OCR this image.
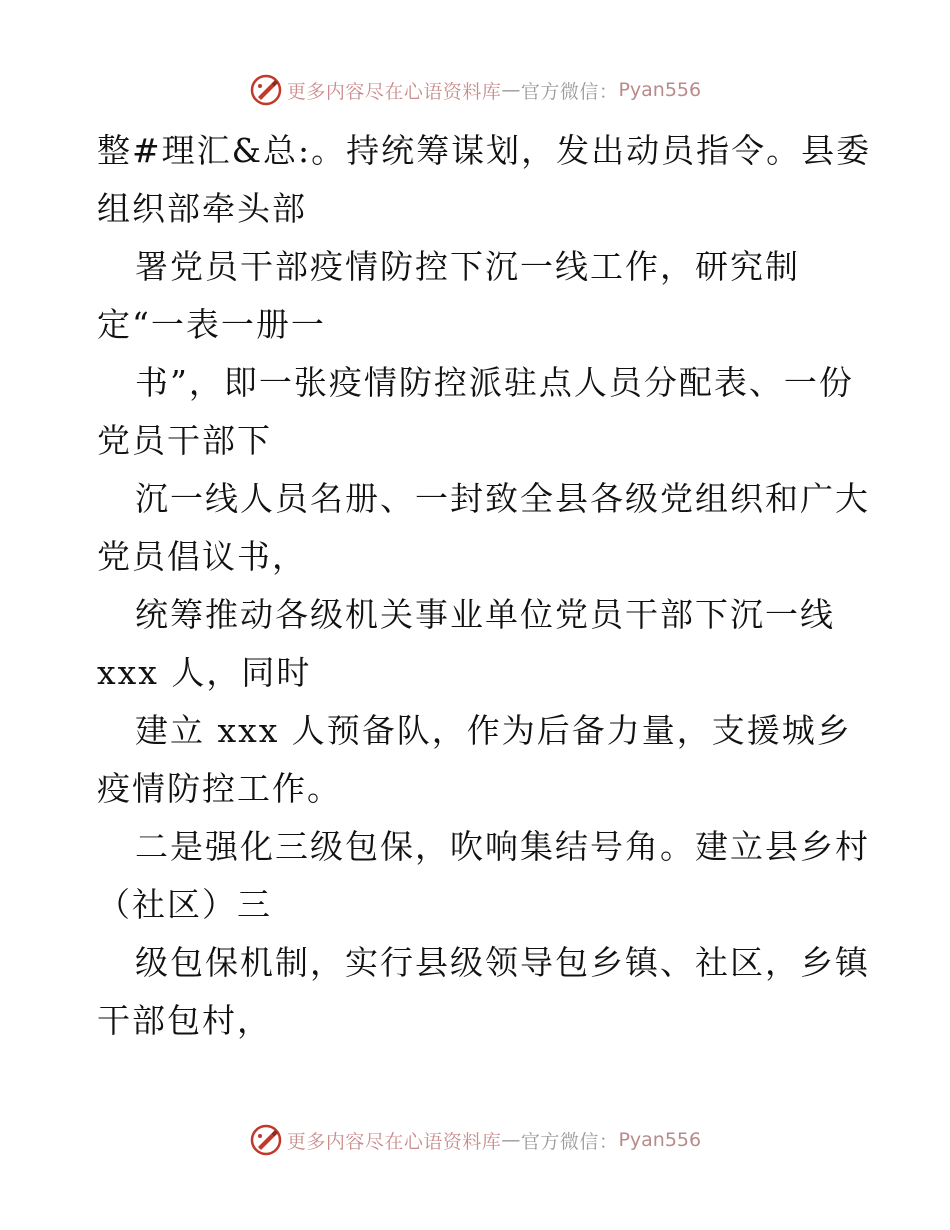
更多内容尽在心语资料库 — 官方微信： Pyan556
整#理汇&总:。持统筹谋划，发出动员指令。县委
组织部牵头部
署党员干部疫情防控下沉一线工作，研究制
定“一表一册一
书”，即一张疫情防控派驻点人员分配表、一份
党员干部下
沉一线人员名册、一封致全县各级党组织和广大
党员倡议书，
统筹推动各级机关事业单位党员干部下沉一线
xxx 人，同时
建立 xxx 人预备队，作为后备力量，支援城乡
疫情防控工作。
二是强化三级包保，吹响集结号角。建立县乡村
（社区）三
级包保机制，实行县级领导包乡镇、社区，乡镇
干部包村，
更多内容尽在心语资料库 — 官方微信： Pyan556
